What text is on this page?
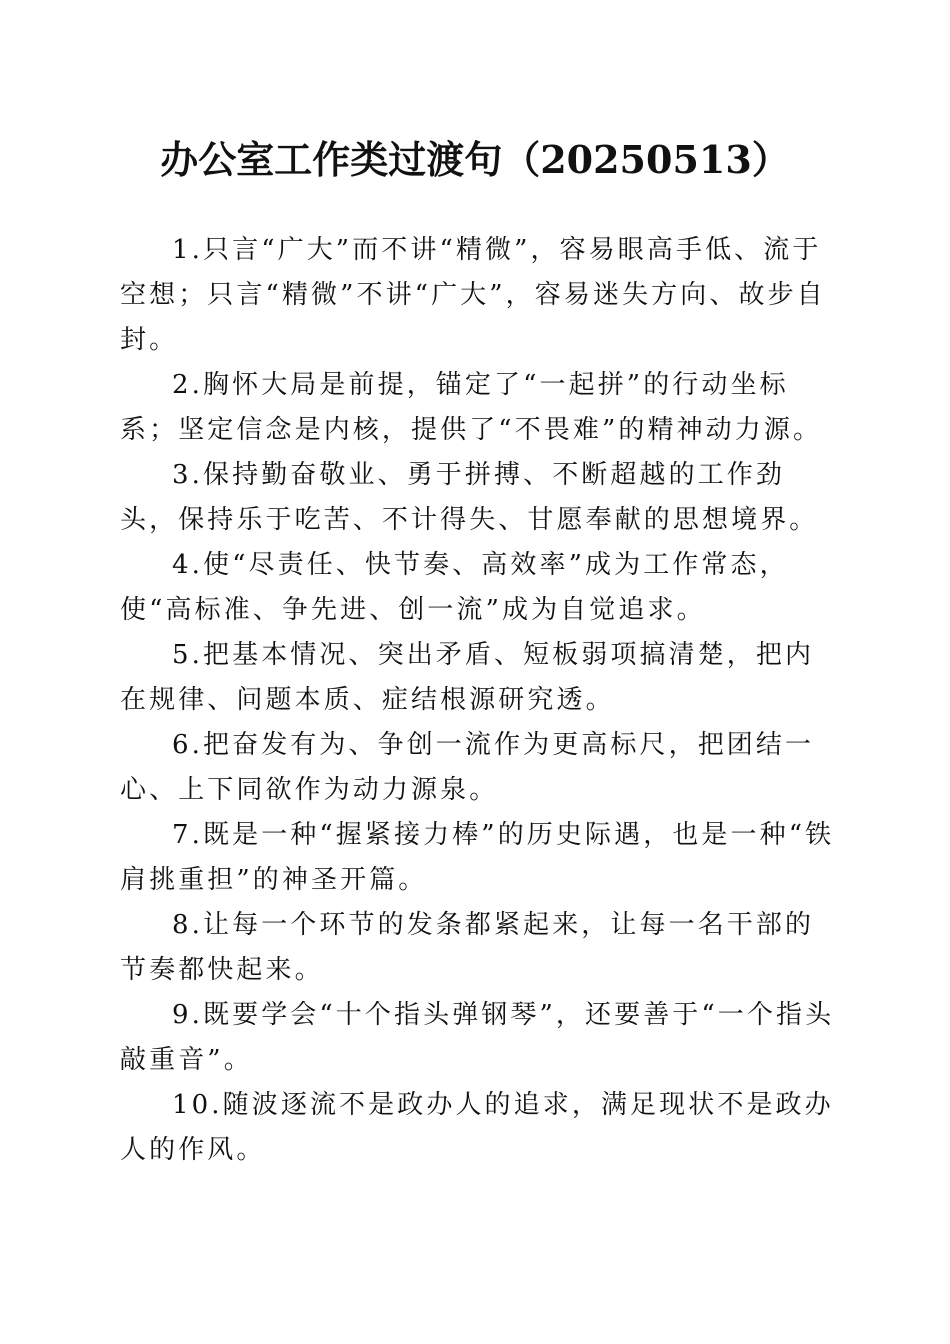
办公室工作类过渡句（20250513）

1.只言“广大”而不讲“精微”，容易眼高手低、流于空想；只言“精微”不讲“广大”，容易迷失方向、故步自封。

2.胸怀大局是前提，锚定了“一起拼”的行动坐标系；坚定信念是内核，提供了“不畏难”的精神动力源。

3.保持勤奋敬业、勇于拼搏、不断超越的工作劲头，保持乐于吃苦、不计得失、甘愿奉献的思想境界。

4.使“尽责任、快节奏、高效率”成为工作常态，使“高标准、争先进、创一流”成为自觉追求。

5.把基本情况、突出矛盾、短板弱项搞清楚，把内在规律、问题本质、症结根源研究透。

6.把奋发有为、争创一流作为更高标尺，把团结一心、上下同欲作为动力源泉。

7.既是一种“握紧接力棒”的历史际遇，也是一种“铁肩挑重担”的神圣开篇。

8.让每一个环节的发条都紧起来，让每一名干部的节奏都快起来。

9.既要学会“十个指头弹钢琴”，还要善于“一个指头敲重音”。

10.随波逐流不是政办人的追求，满足现状不是政办人的作风。
